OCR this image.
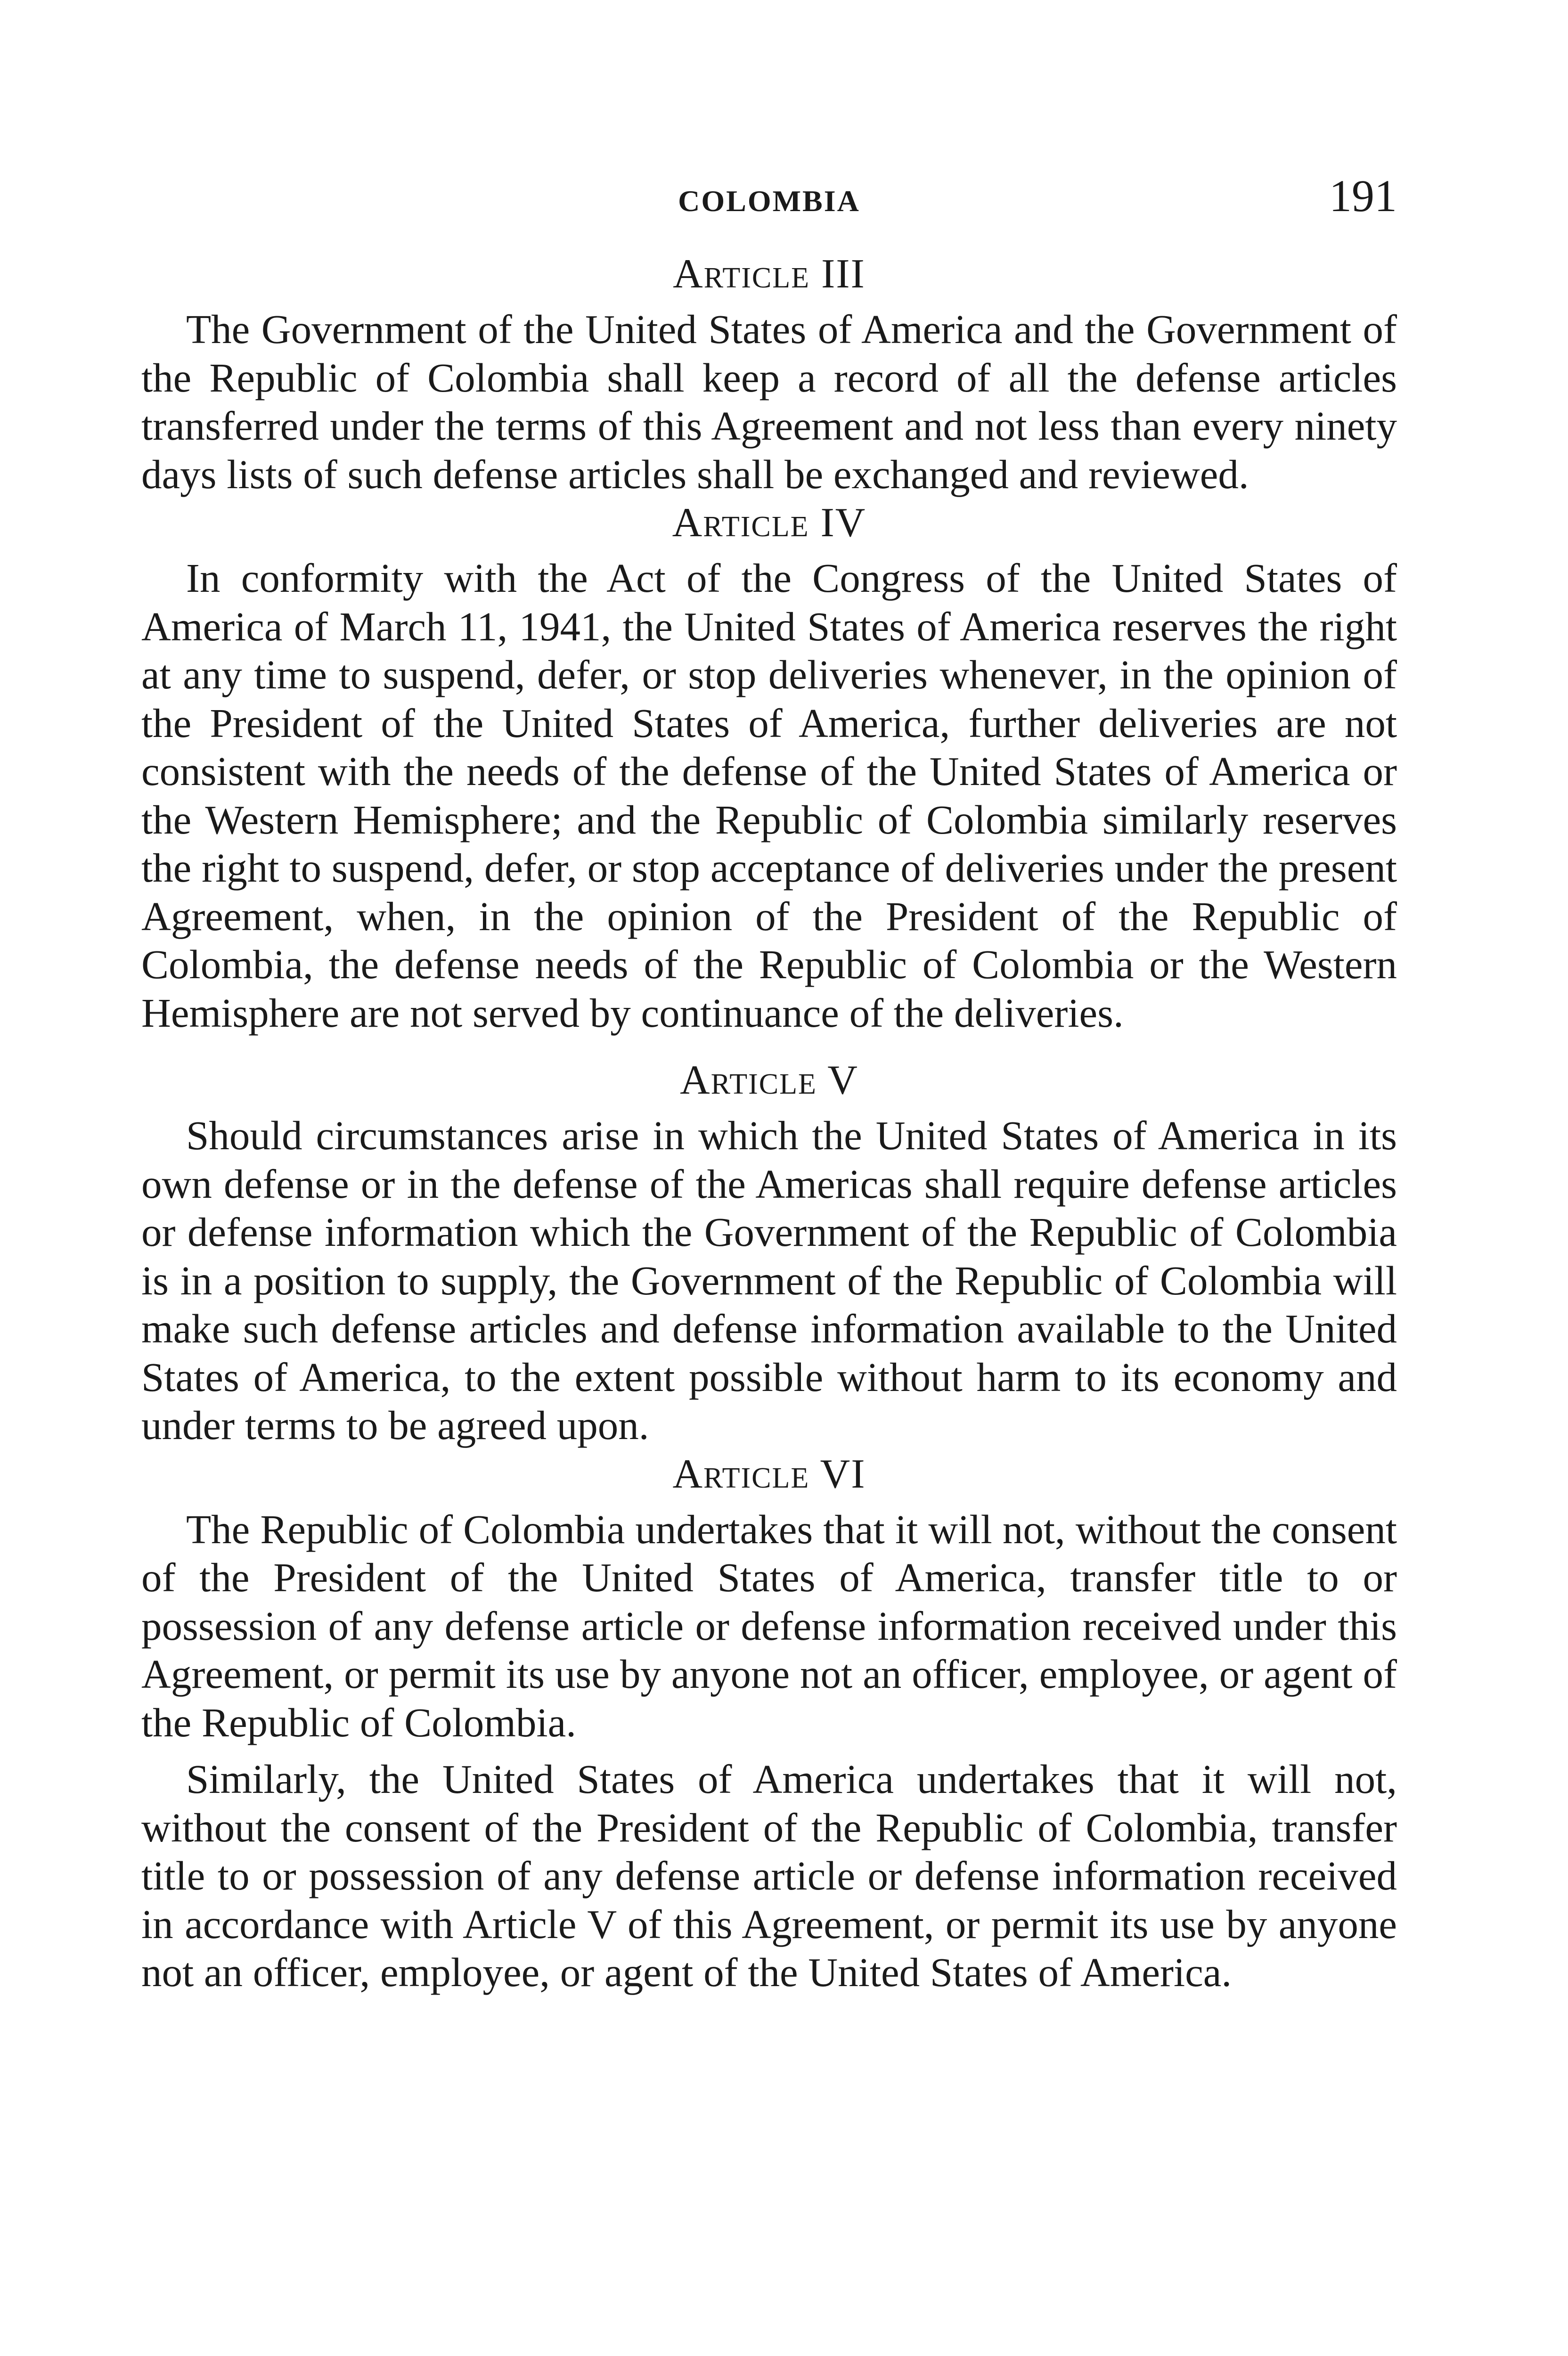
COLOMBIA	191
Article III

The Government of the United States of America and the Government of the Republic of Colombia shall keep a record of all the defense articles transferred under the terms of this Agreement and not less than every ninety days lists of such defense articles shall be exchanged and reviewed.

Article IV

In conformity with the Act of the Congress of the United States of America of March 11, 1941, the United States of America reserves the right at any time to suspend, defer, or stop deliveries whenever, in the opinion of the President of the United States of America, further deliveries are not consistent with the needs of the defense of the United States of America or the Western Hemisphere; and the Republic of Colombia similarly reserves the right to suspend, defer, or stop acceptance of deliveries under the present Agreement, when, in the opinion of the President of the Republic of Colombia, the defense needs of the Republic of Colombia or the Western Hemisphere are not served by continuance of the deliveries.

Article V

Should circumstances arise in which the United States of America in its own defense or in the defense of the Americas shall require defense articles or defense information which the Government of the Republic of Colombia is in a position to supply, the Government of the Republic of Colombia will make such defense articles and defense information available to the United States of America, to the extent possible without harm to its economy and under terms to be agreed upon.

Article VI

The Republic of Colombia undertakes that it will not, without the consent of the President of the United States of America, transfer title to or possession of any defense article or defense information received under this Agreement, or permit its use by anyone not an officer, employee, or agent of the Republic of Colombia.

Similarly, the United States of America undertakes that it will not, without the consent of the President of the Republic of Colombia, transfer title to or possession of any defense article or defense information received in accordance with Article V of this Agreement, or permit its use by anyone not an officer, employee, or agent of the United States of America.
